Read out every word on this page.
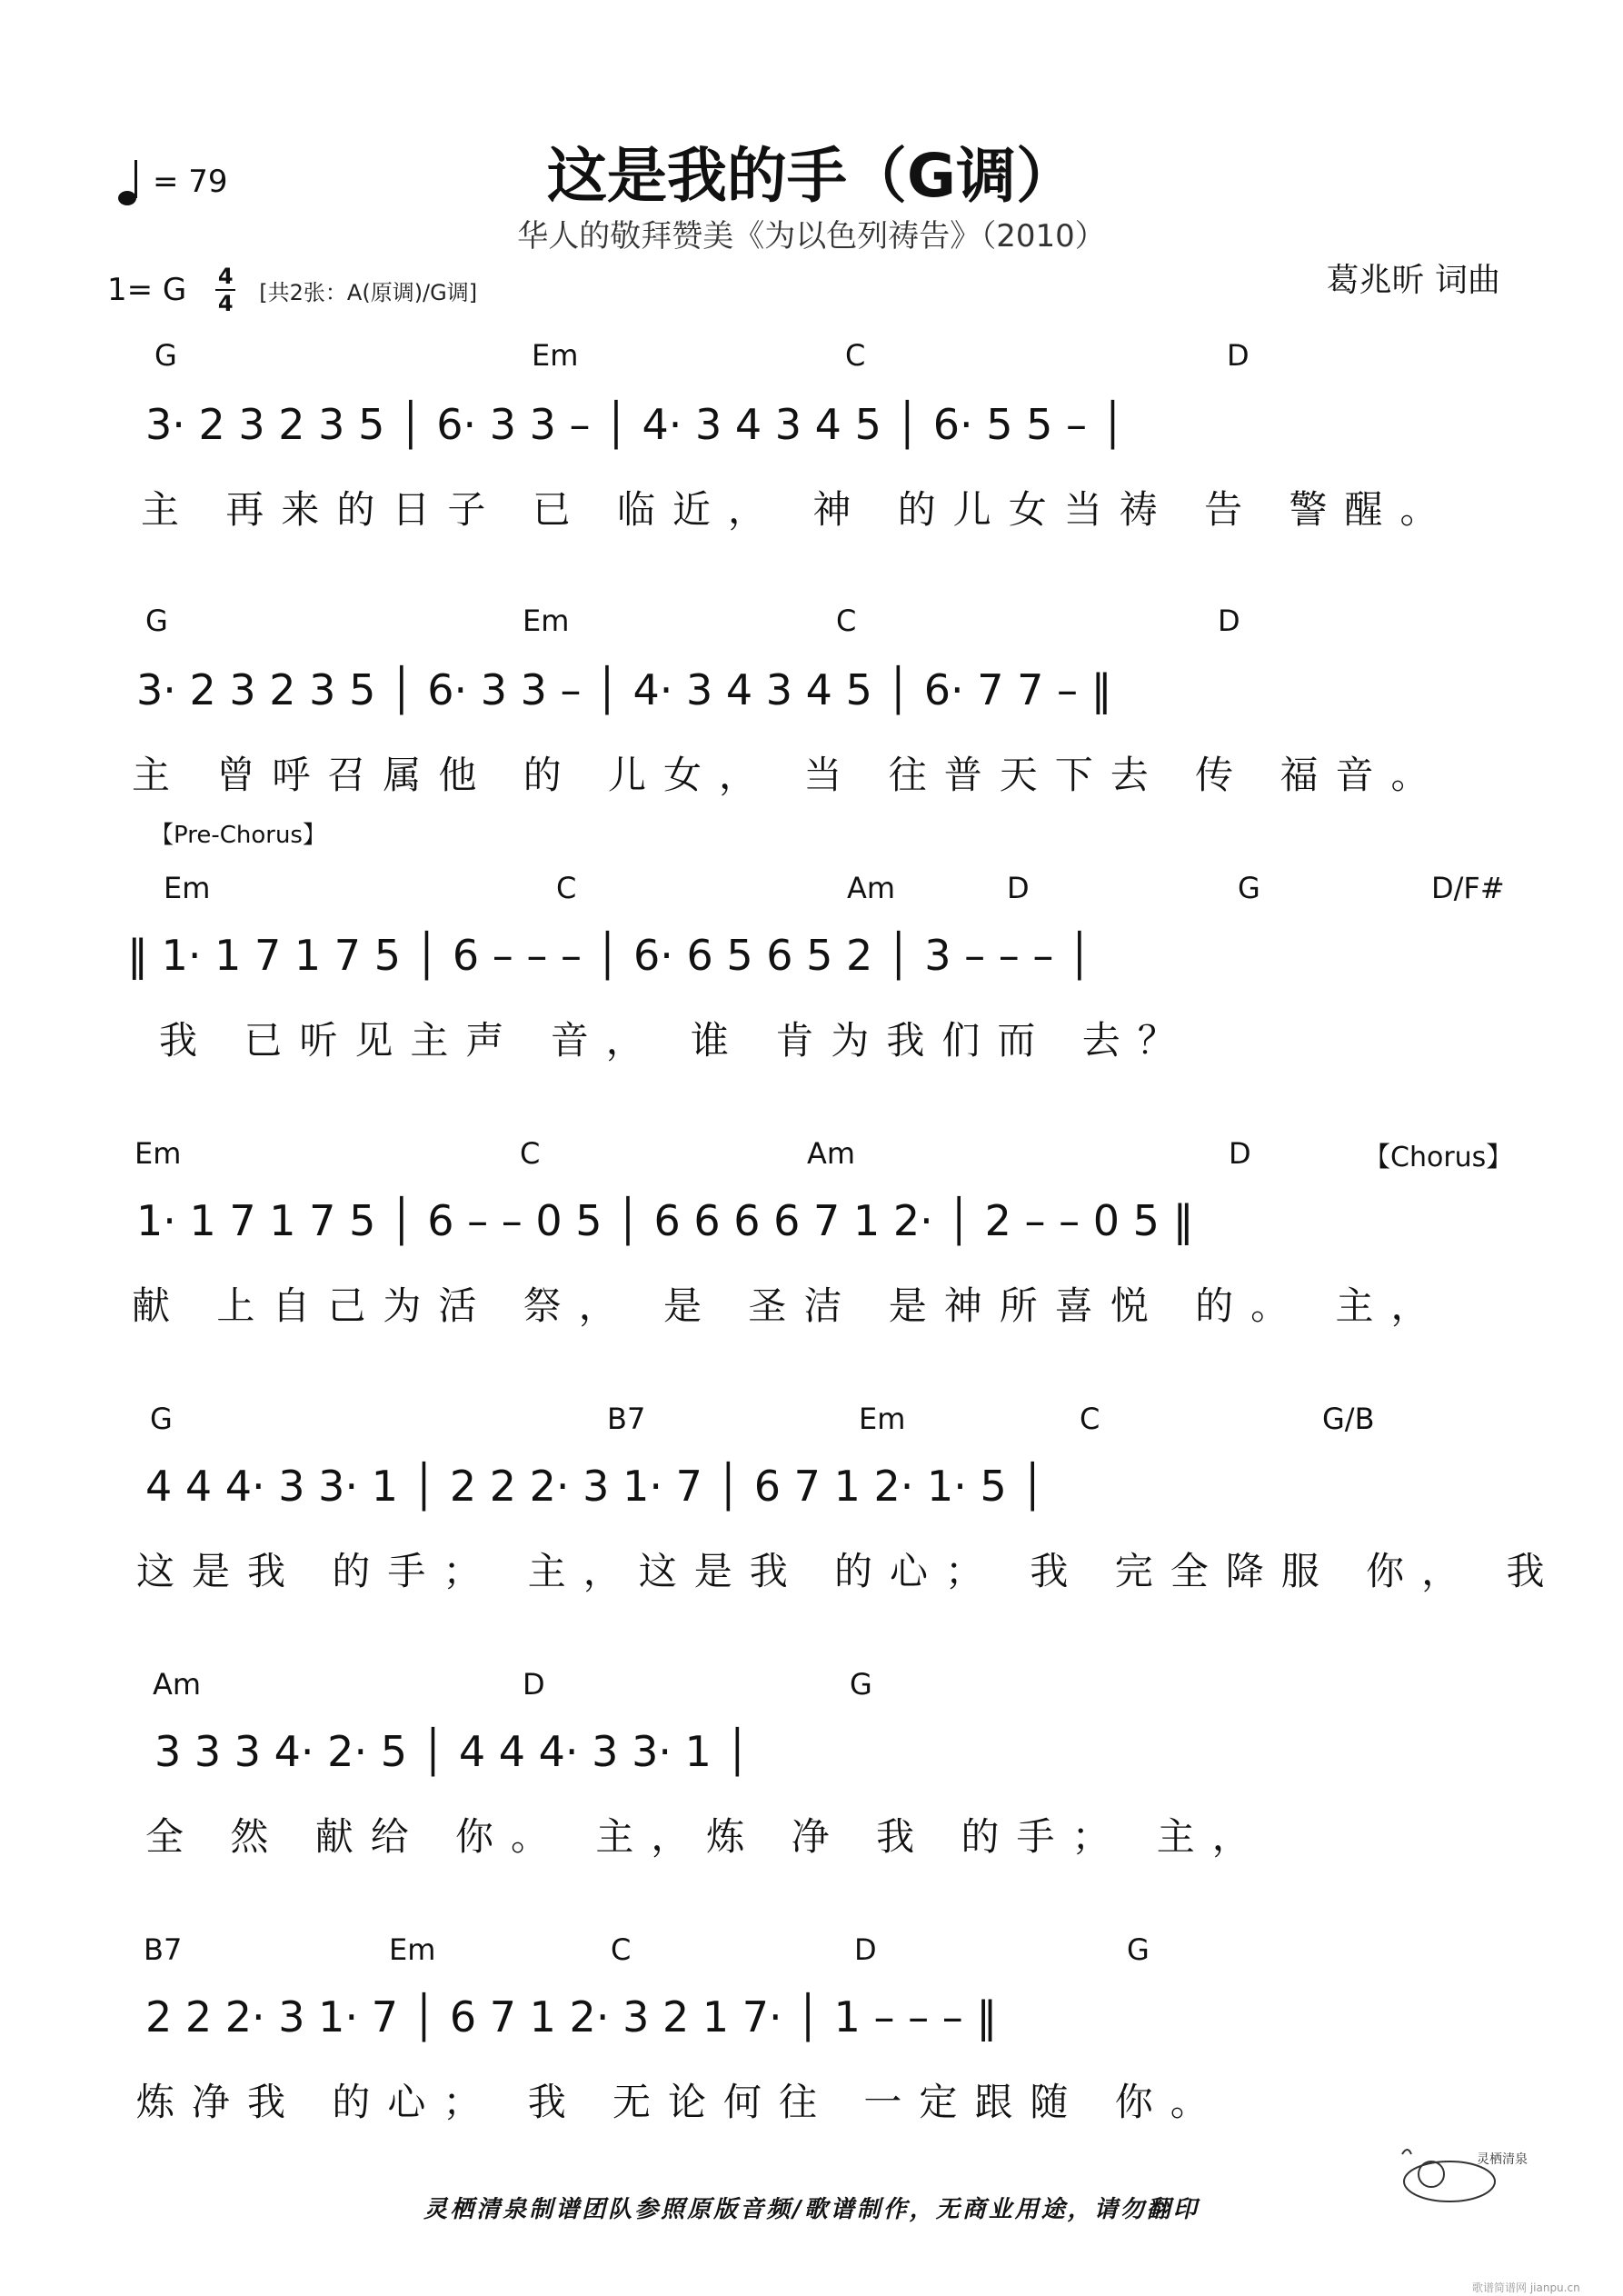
这是我的手（G调）
华人的敬拜赞美《为以色列祷告》（2010）
= 79
1= G 4
4 [共2张：A(原调)/G调]	葛兆昕 词曲
G	Em	C	D
3· 2 3 2 3 5 │ 6· 3 3 – │ 4· 3 4 3 4 5 │ 6· 5 5 – │
主 再来的日子 已 临近， 神 的儿女当祷 告 警醒。
G	Em	C	D
3· 2 3 2 3 5 │ 6· 3 3 – │ 4· 3 4 3 4 5 │ 6· 7 7 – ‖
主 曾呼召属他 的 儿女， 当 往普天下去 传 福音。
【Pre-Chorus】
Em	C	Am	D	G	D/F#
‖ 1· 1 7 1 7 5 │ 6 – – – │ 6· 6 5 6 5 2 │ 3 – – – │
我 已听见主声 音， 谁 肯为我们而 去？
Em	C	Am	D	【Chorus】
1· 1 7 1 7 5 │ 6 – – 0 5 │ 6 6 6 6 7 1 2· │ 2 – – 0 5 ‖
献 上自己为活 祭， 是 圣洁 是神所喜悦 的。 主，
G	B7	Em	C	G/B
4 4 4· 3 3· 1 │ 2 2 2· 3 1· 7 │ 6 7 1 2· 1· 5 │
这是我 的手； 主，这是我 的心； 我 完全降服 你， 我
Am	D	G
3 3 3 4· 2· 5 │ 4 4 4· 3 3· 1 │
全 然 献给 你。 主，炼 净 我 的手； 主，
B7	Em	C	D	G
2 2 2· 3 1· 7 │ 6 7 1 2· 3 2 1 7· │ 1 – – – ‖
炼净我 的心； 我 无论何往 一定跟随 你。
灵栖清泉
灵栖清泉制谱团队参照原版音频/歌谱制作，无商业用途，请勿翻印
歌谱简谱网 jianpu.cn
